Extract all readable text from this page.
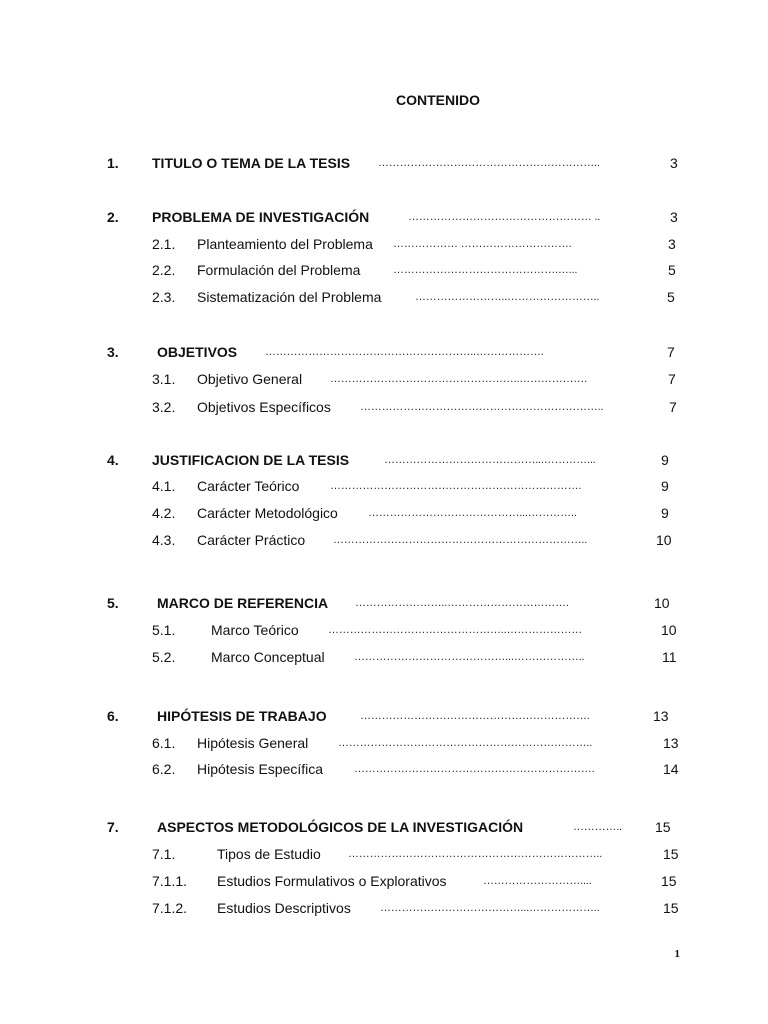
CONTENIDO
1. TITULO O TEMA DE LA TESIS	……………………………………………………..	3
2. PROBLEMA DE INVESTIGACIÓN	…………………………………………… ..	3
2.1. Planteamiento del Problema ……………… ………………………….	3
2.2. Formulación del Problema	……………………………………….…...	5
2.3. Sistematización del Problema	……………………..……………………..	5
3.	OBJETIVOS	…………………………………………………..……………….	7
3.1. Objetivo General	……………………………………………..……………….	7
3.2. Objetivos Específicos	…………………………………………………………..	7
4. JUSTIFICACION DE LA TESIS	……………………………………...…………...	9
4.1. Carácter Teórico	…………………………………………………………….	9
4.2. Carácter Metodológico	……………………………………...…………..	9
4.3. Carácter Práctico	……………………………………………………………..	10
5.	MARCO DE REFERENCIA ……………………..…………………………….	10
5.1.	Marco Teórico	…………………………………………..…………………	10
5.2.	Marco Conceptual	……………………………………...………………..	11
6.	HIPÓTESIS DE TRABAJO	……………………………………………………….	13
6.1. Hipótesis General	……………………………………………………………..	13
6.2. Hipótesis Específica	………………………………………………………….	14
7.	ASPECTOS METODOLÓGICOS DE LA INVESTIGACIÓN	…………..	15
7.1.	Tipos de Estudio ……………………………………………………………..	15
7.1.1. Estudios Formulativos o Explorativos	………………………....	15
7.1.2. Estudios Descriptivos	…………………………………...………………..	15
1
